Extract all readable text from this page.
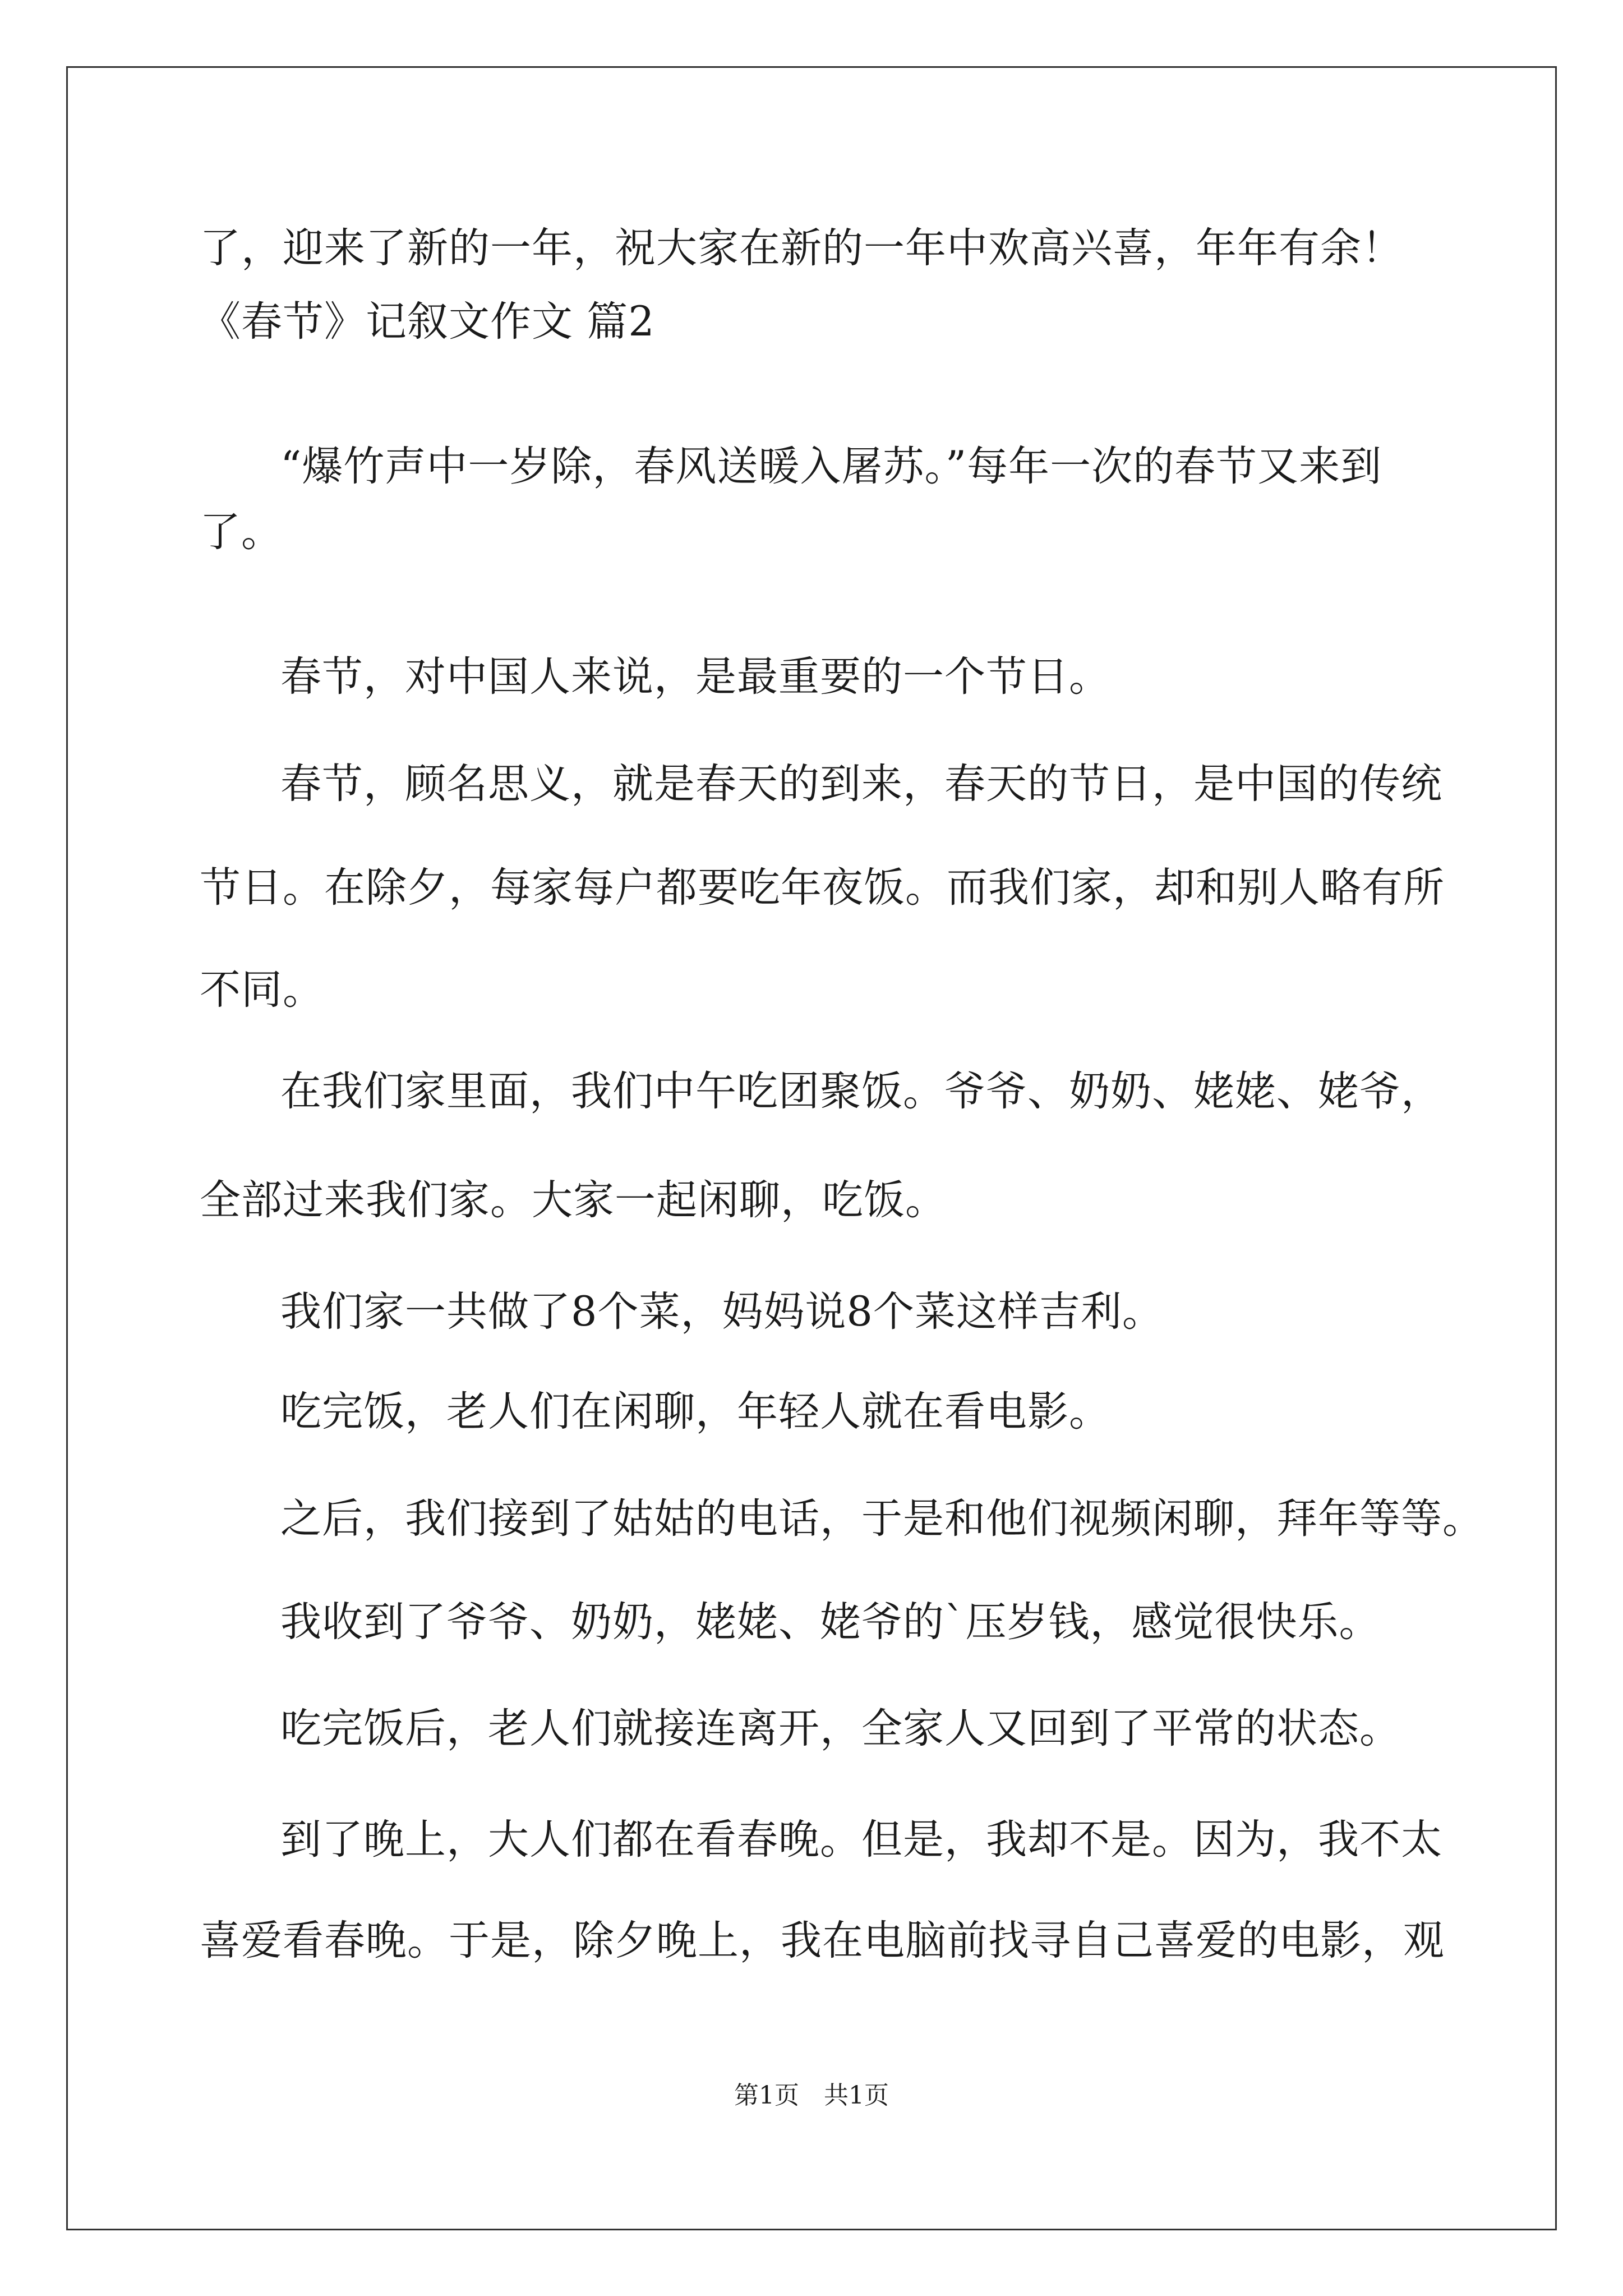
了，迎来了新的一年，祝大家在新的一年中欢高兴喜，年年有余！
《春节》记叙文作文 篇2
“爆竹声中一岁除，春风送暖入屠苏。”每年一次的春节又来到
了。
春节，对中国人来说，是最重要的一个节日。
春节，顾名思义，就是春天的到来，春天的节日，是中国的传统
节日。在除夕，每家每户都要吃年夜饭。而我们家，却和别人略有所
不同。
在我们家里面，我们中午吃团聚饭。爷爷、奶奶、姥姥、姥爷，
全部过来我们家。大家一起闲聊，吃饭。
我们家一共做了8个菜，妈妈说8个菜这样吉利。
吃完饭，老人们在闲聊，年轻人就在看电影。
之后，我们接到了姑姑的电话，于是和他们视频闲聊，拜年等等。
我收到了爷爷、奶奶，姥姥、姥爷的`压岁钱，感觉很快乐。
吃完饭后，老人们就接连离开，全家人又回到了平常的状态。
到了晚上，大人们都在看春晚。但是，我却不是。因为，我不太
喜爱看春晚。于是，除夕晚上，我在电脑前找寻自己喜爱的电影，观
第1页　共1页
